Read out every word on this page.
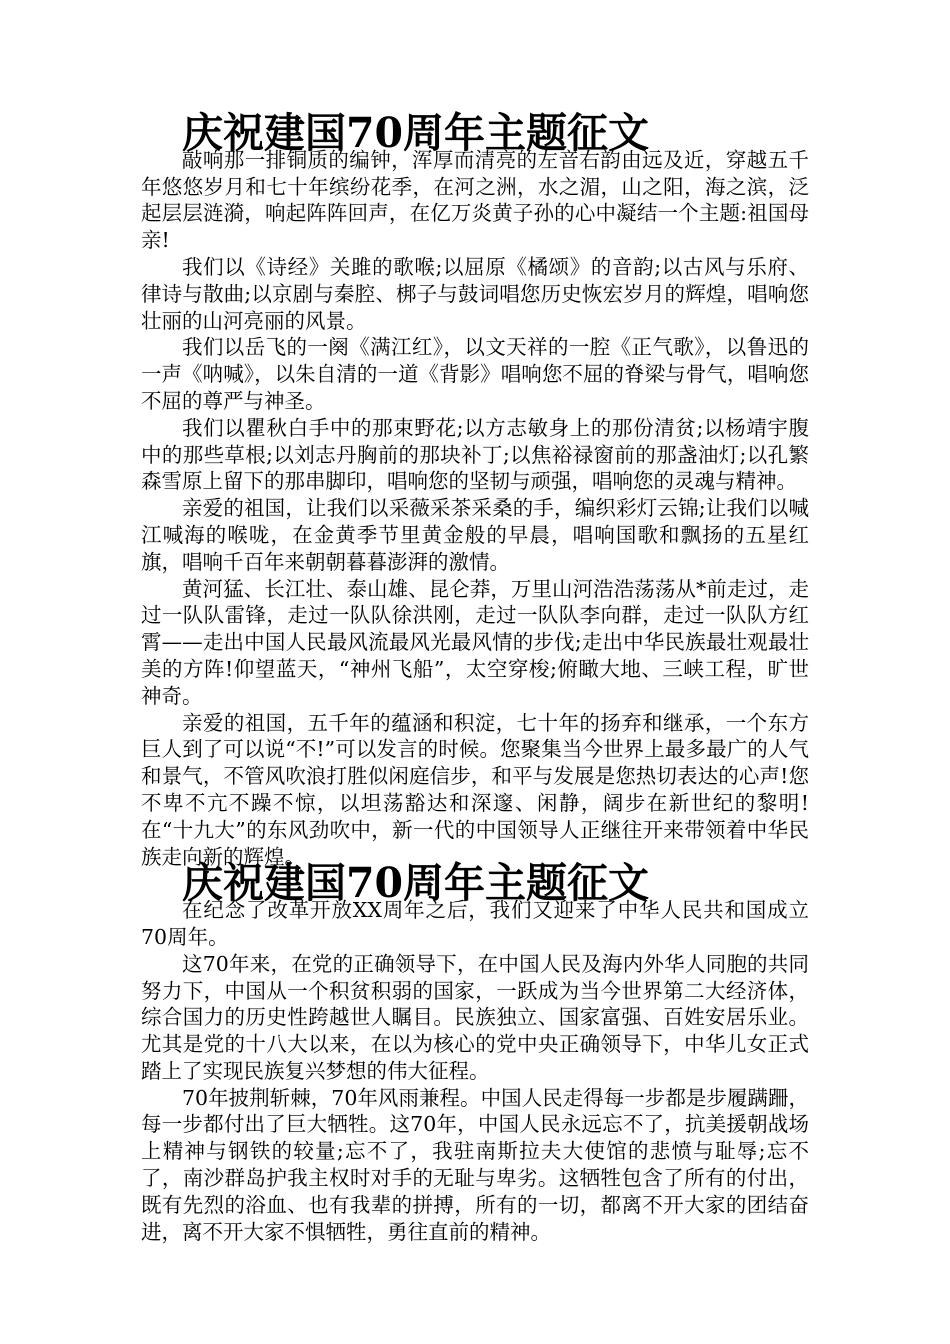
庆祝建国70周年主题征文

敲响那一排铜质的编钟，浑厚而清亮的左音右韵由远及近，穿越五千年悠悠岁月和七十年缤纷花季，在河之洲，水之湄，山之阳，海之滨，泛起层层涟漪，响起阵阵回声，在亿万炎黄子孙的心中凝结一个主题:祖国母亲!

我们以《诗经》关雎的歌喉;以屈原《橘颂》的音韵;以古风与乐府、律诗与散曲;以京剧与秦腔、梆子与鼓词唱您历史恢宏岁月的辉煌，唱响您壮丽的山河亮丽的风景。

我们以岳飞的一阕《满江红》，以文天祥的一腔《正气歌》，以鲁迅的一声《呐喊》，以朱自清的一道《背影》唱响您不屈的脊梁与骨气，唱响您不屈的尊严与神圣。

我们以瞿秋白手中的那束野花;以方志敏身上的那份清贫;以杨靖宇腹中的那些草根;以刘志丹胸前的那块补丁;以焦裕禄窗前的那盏油灯;以孔繁森雪原上留下的那串脚印，唱响您的坚韧与顽强，唱响您的灵魂与精神。

亲爱的祖国，让我们以采薇采茶采桑的手，编织彩灯云锦;让我们以喊江喊海的喉咙，在金黄季节里黄金般的早晨，唱响国歌和飘扬的五星红旗，唱响千百年来朝朝暮暮澎湃的激情。

黄河猛、长江壮、泰山雄、昆仑莽，万里山河浩浩荡荡从*前走过，走过一队队雷锋，走过一队队徐洪刚，走过一队队李向群，走过一队队方红霄——走出中国人民最风流最风光最风情的步伐;走出中华民族最壮观最壮美的方阵!仰望蓝天，“神州飞船”，太空穿梭;俯瞰大地、三峡工程，旷世神奇。

亲爱的祖国，五千年的蕴涵和积淀，七十年的扬弃和继承，一个东方巨人到了可以说“不!”可以发言的时候。您聚集当今世界上最多最广的人气和景气，不管风吹浪打胜似闲庭信步，和平与发展是您热切表达的心声!您不卑不亢不躁不惊，以坦荡豁达和深邃、闲静，阔步在新世纪的黎明!在“十九大”的东风劲吹中，新一代的中国领导人正继往开来带领着中华民族走向新的辉煌。

庆祝建国70周年主题征文

在纪念了改革开放XX周年之后，我们又迎来了中华人民共和国成立70周年。

这70年来，在党的正确领导下，在中国人民及海内外华人同胞的共同努力下，中国从一个积贫积弱的国家，一跃成为当今世界第二大经济体，综合国力的历史性跨越世人瞩目。民族独立、国家富强、百姓安居乐业。尤其是党的十八大以来，在以为核心的党中央正确领导下，中华儿女正式踏上了实现民族复兴梦想的伟大征程。

70年披荆斩棘，70年风雨兼程。中国人民走得每一步都是步履蹒跚，每一步都付出了巨大牺牲。这70年，中国人民永远忘不了，抗美援朝战场上精神与钢铁的较量;忘不了，我驻南斯拉夫大使馆的悲愤与耻辱;忘不了，南沙群岛护我主权时对手的无耻与卑劣。这牺牲包含了所有的付出，既有先烈的浴血、也有我辈的拼搏，所有的一切，都离不开大家的团结奋进，离不开大家不惧牺牲，勇往直前的精神。
